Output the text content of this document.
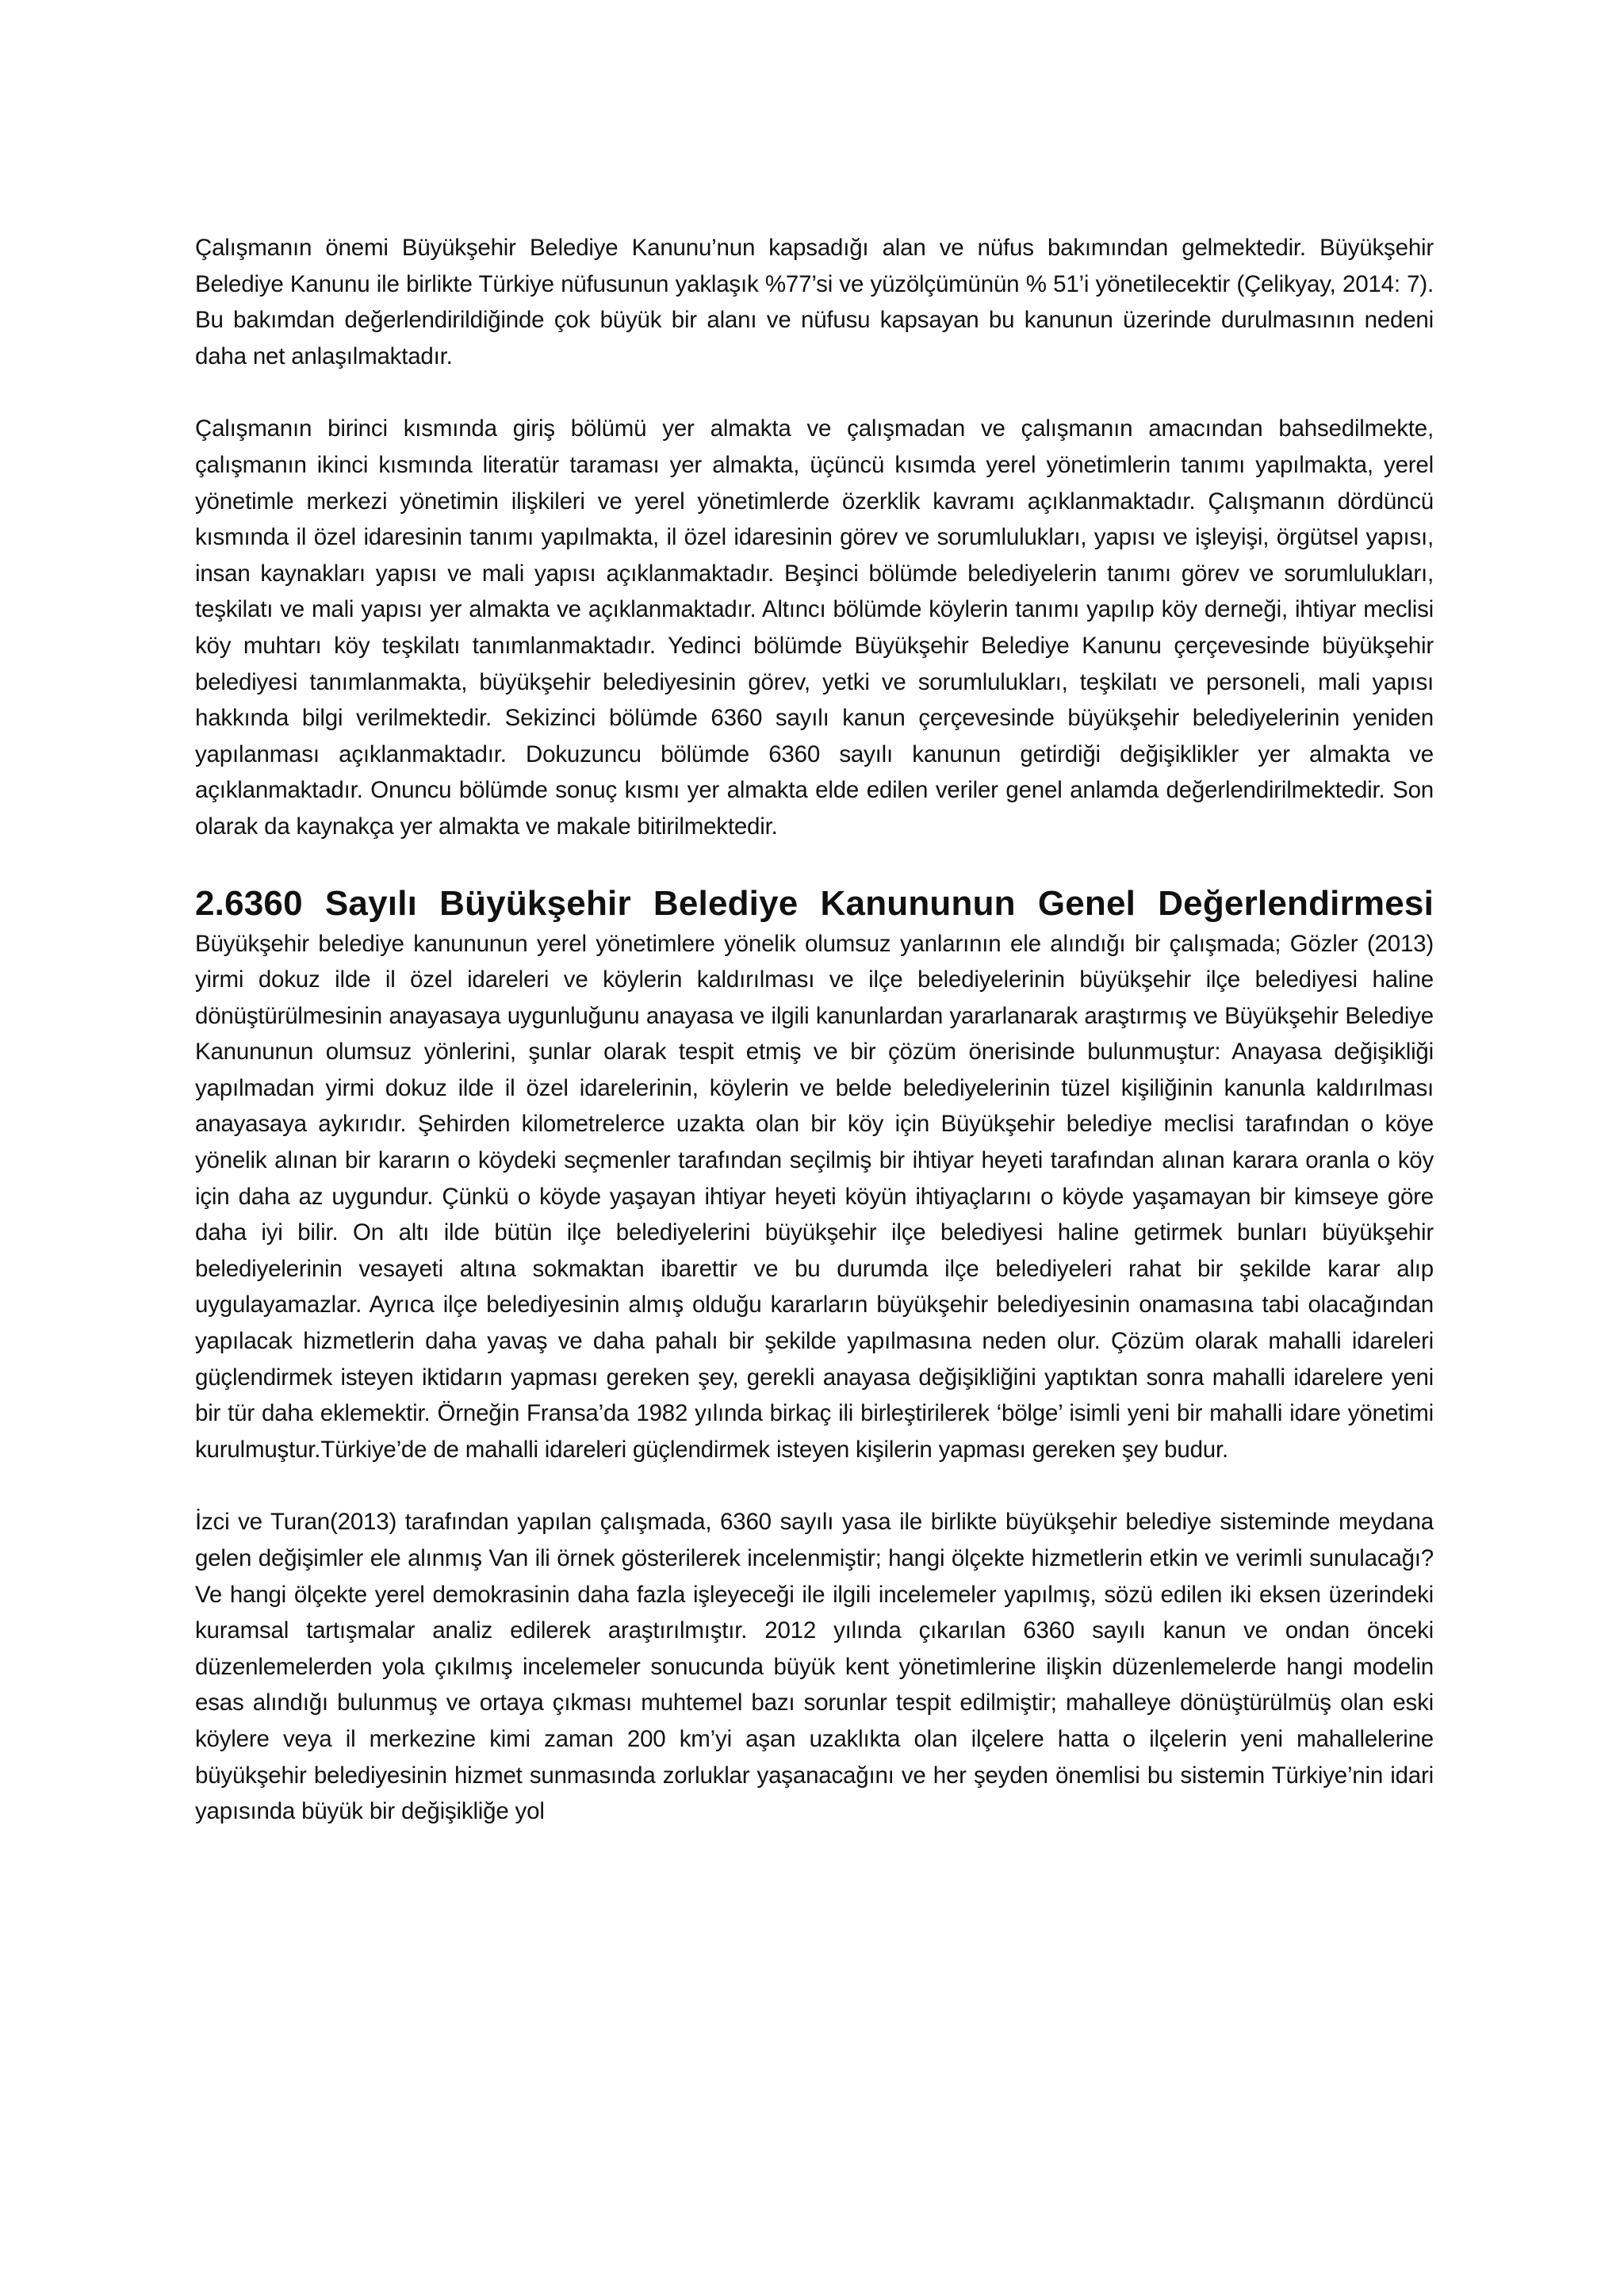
Çalışmanın önemi Büyükşehir Belediye Kanunu’nun kapsadığı alan ve nüfus bakımından gelmektedir. Büyükşehir Belediye Kanunu ile birlikte Türkiye nüfusunun yaklaşık %77’si ve yüzölçümünün % 51’i yönetilecektir (Çelikyay, 2014: 7). Bu bakımdan değerlendirildiğinde çok büyük bir alanı ve nüfusu kapsayan bu kanunun üzerinde durulmasının nedeni daha net anlaşılmaktadır.

Çalışmanın birinci kısmında giriş bölümü yer almakta ve çalışmadan ve çalışmanın amacından bahsedilmekte, çalışmanın ikinci kısmında literatür taraması yer almakta, üçüncü kısımda yerel yönetimlerin tanımı yapılmakta, yerel yönetimle merkezi yönetimin ilişkileri ve yerel yönetimlerde özerklik kavramı açıklanmaktadır. Çalışmanın dördüncü kısmında il özel idaresinin tanımı yapılmakta, il özel idaresinin görev ve sorumlulukları, yapısı ve işleyişi, örgütsel yapısı, insan kaynakları yapısı ve mali yapısı açıklanmaktadır. Beşinci bölümde belediyelerin tanımı görev ve sorumlulukları, teşkilatı ve mali yapısı yer almakta ve açıklanmaktadır. Altıncı bölümde köylerin tanımı yapılıp köy derneği, ihtiyar meclisi köy muhtarı köy teşkilatı tanımlanmaktadır. Yedinci bölümde Büyükşehir Belediye Kanunu çerçevesinde büyükşehir belediyesi tanımlanmakta, büyükşehir belediyesinin görev, yetki ve sorumlulukları, teşkilatı ve personeli, mali yapısı hakkında bilgi verilmektedir. Sekizinci bölümde 6360 sayılı kanun çerçevesinde büyükşehir belediyelerinin yeniden yapılanması açıklanmaktadır. Dokuzuncu bölümde 6360 sayılı kanunun getirdiği değişiklikler yer almakta ve açıklanmaktadır. Onuncu bölümde sonuç kısmı yer almakta elde edilen veriler genel anlamda değerlendirilmektedir. Son olarak da kaynakça yer almakta ve makale bitirilmektedir.

2.6360 Sayılı Büyükşehir Belediye Kanununun Genel Değerlendirmesi

Büyükşehir belediye kanununun yerel yönetimlere yönelik olumsuz yanlarının ele alındığı bir çalışmada; Gözler (2013) yirmi dokuz ilde il özel idareleri ve köylerin kaldırılması ve ilçe belediyelerinin büyükşehir ilçe belediyesi haline dönüştürülmesinin anayasaya uygunluğunu anayasa ve ilgili kanunlardan yararlanarak araştırmış ve Büyükşehir Belediye Kanununun olumsuz yönlerini, şunlar olarak tespit etmiş ve bir çözüm önerisinde bulunmuştur: Anayasa değişikliği yapılmadan yirmi dokuz ilde il özel idarelerinin, köylerin ve belde belediyelerinin tüzel kişiliğinin kanunla kaldırılması anayasaya aykırıdır. Şehirden kilometrelerce uzakta olan bir köy için Büyükşehir belediye meclisi tarafından o köye yönelik alınan bir kararın o köydeki seçmenler tarafından seçilmiş bir ihtiyar heyeti tarafından alınan karara oranla o köy için daha az uygundur. Çünkü o köyde yaşayan ihtiyar heyeti köyün ihtiyaçlarını o köyde yaşamayan bir kimseye göre daha iyi bilir. On altı ilde bütün ilçe belediyelerini büyükşehir ilçe belediyesi haline getirmek bunları büyükşehir belediyelerinin vesayeti altına sokmaktan ibarettir ve bu durumda ilçe belediyeleri rahat bir şekilde karar alıp uygulayamazlar. Ayrıca ilçe belediyesinin almış olduğu kararların büyükşehir belediyesinin onamasına tabi olacağından yapılacak hizmetlerin daha yavaş ve daha pahalı bir şekilde yapılmasına neden olur. Çözüm olarak mahalli idareleri güçlendirmek isteyen iktidarın yapması gereken şey, gerekli anayasa değişikliğini yaptıktan sonra mahalli idarelere yeni bir tür daha eklemektir. Örneğin Fransa’da 1982 yılında birkaç ili birleştirilerek ‘bölge’ isimli yeni bir mahalli idare yönetimi kurulmuştur.Türkiye’de de mahalli idareleri güçlendirmek isteyen kişilerin yapması gereken şey budur.

İzci ve Turan(2013) tarafından yapılan çalışmada, 6360 sayılı yasa ile birlikte büyükşehir belediye sisteminde meydana gelen değişimler ele alınmış Van ili örnek gösterilerek incelenmiştir; hangi ölçekte hizmetlerin etkin ve verimli sunulacağı? Ve hangi ölçekte yerel demokrasinin daha fazla işleyeceği ile ilgili incelemeler yapılmış, sözü edilen iki eksen üzerindeki kuramsal tartışmalar analiz edilerek araştırılmıştır. 2012 yılında çıkarılan 6360 sayılı kanun ve ondan önceki düzenlemelerden yola çıkılmış incelemeler sonucunda büyük kent yönetimlerine ilişkin düzenlemelerde hangi modelin esas alındığı bulunmuş ve ortaya çıkması muhtemel bazı sorunlar tespit edilmiştir; mahalleye dönüştürülmüş olan eski köylere veya il merkezine kimi zaman 200 km’yi aşan uzaklıkta olan ilçelere hatta o ilçelerin yeni mahallelerine büyükşehir belediyesinin hizmet sunmasında zorluklar yaşanacağını ve her şeyden önemlisi bu sistemin Türkiye’nin idari yapısında büyük bir değişikliğe yol
